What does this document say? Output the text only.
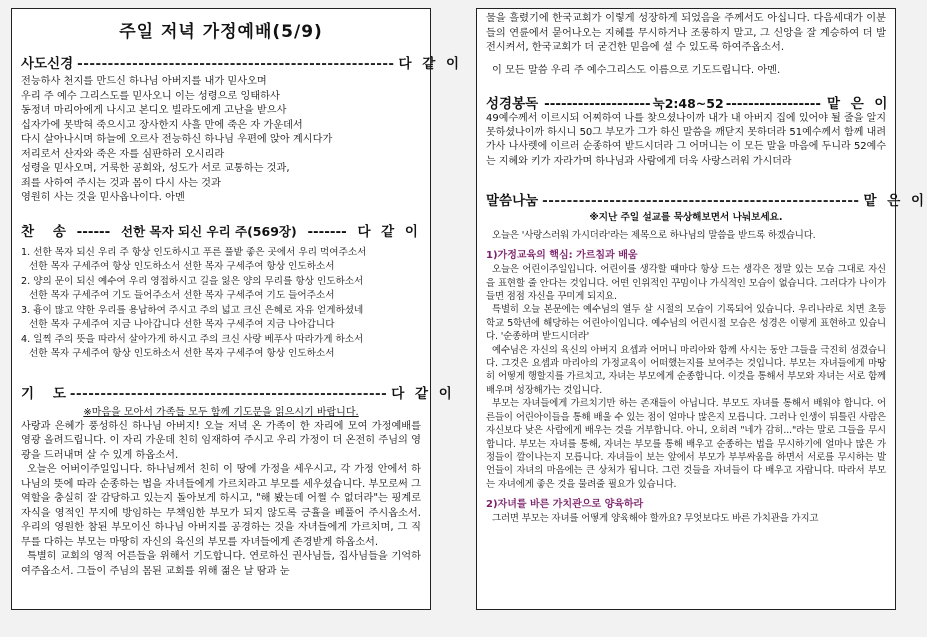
주일 저녁 가정예배(5/9)
사도신경 ---------------------------------------------------- 다 같 이
전능하사 천지를 만드신 하나님 아버지를 내가 믿사오며
우리 주 예수 그리스도를 믿사오니 이는 성령으로 잉태하사
동정녀 마리아에게 나시고 본디오 빌라도에게 고난을 받으사
십자가에 못박혀 죽으시고 장사한지 사흘 만에 죽은 자 가운데서
다시 살아나시며 하늘에 오르사 전능하신 하나님 우편에 앉아 계시다가
저리로서 산자와 죽은 자를 심판하러 오시리라
성령을 믿사오며, 거룩한 공회와, 성도가 서로 교통하는 것과,
죄를 사하여 주시는 것과 몸이 다시 사는 것과
영원히 사는 것을 믿사옵나이다. 아멘
찬    송 ------ 선한 목자 되신 우리 주(569장) ------- 다 같 이
1. 선한 목자 되신 우리 주 항상 인도하시고 푸른 풀밭 좋은 곳에서 우리 먹여주소서
선한 목자 구세주여 항상 인도하소서 선한 목자 구세주여 항상 인도하소서
2. 양의 문이 되신 예수여 우리 영접하시고 길을 잃은 양의 무리를 항상 인도하소서
선한 목자 구세주여 기도 들어주소서 선한 목자 구세주여 기도 들어주소서
3. 흉이 많고 약한 우리를 용납하여 주시고 주의 넓고 크신 은혜로 자유 얻게하셨네
선한 목자 구세주여 지금 나아갑니다 선한 목자 구세주여 지금 나아갑니다
4. 일찍 주의 뜻을 따라서 살아가게 하시고 주의 크신 사랑 베푸사 따라가게 하소서
선한 목자 구세주여 항상 인도하소서 선한 목자 구세주여 항상 인도하소서
기    도 ---------------------------------------------------- 다 같 이
※마음을 모아서 가족들 모두 함께 기도문을 읽으시기 바랍니다.

사랑과 은혜가 풍성하신 하나님 아버지! 오늘 저녁 온 가족이 한 자리에 모여 가정예배를 영광 올려드립니다. 이 자리 가운데 친히 임재하여 주시고 우리 가정이 더 온전히 주님의 영광을 드러내며 살 수 있게 하옵소서.

오늘은 어버이주일입니다. 하나님께서 친히 이 땅에 가정을 세우시고, 각 가정 안에서 하나님의 뜻에 따라 순종하는 법을 자녀들에게 가르치라고 부모를 세우셨습니다. 부모로써 그 역할을 충실히 잘 감당하고 있는지 돌아보게 하시고, "해 봤는데 어쩔 수 없더라"는 핑계로 자식을 영적인 무지에 방임하는 무책임한 부모가 되지 않도록 긍휼을 베풀어 주시옵소서. 우리의 영원한 참된 부모이신 하나님 아버지를 공경하는 것을 자녀들에게 가르치며, 그 직무를 다하는 부모는 마땅히 자신의 육신의 부모를 자녀들에게 존경받게 하옵소서.

특별히 교회의 영적 어른들을 위해서 기도합니다. 연로하신 권사님들, 집사님들을 기억하여주옵소서. 그들이 주님의 몸된 교회를 위해 젊은 날 땀과 눈

물을 흘렸기에 한국교회가 이렇게 성장하게 되었음을 주께서도 아십니다. 다음세대가 이분들의 연륜에서 묻어나오는 지혜를 무시하거나 조롱하지 말고, 그 신앙을 잘 계승하여 더 발전시켜서, 한국교회가 더 굳건한 믿음에 설 수 있도록 하여주옵소서.

이 모든 말씀 우리 주 예수그리스도 이름으로 기도드립니다. 아멘.

성경봉독 ------------------- 눅2:48~52 ----------------- 맡 은 이

49예수께서 이르시되 어찌하여 나를 찾으셨나이까 내가 내 아버지 집에 있어야 될 줄을 알지 못하셨나이까 하시니 50그 부모가 그가 하신 말씀을 깨닫지 못하더라 51예수께서 함께 내려가사 나사렛에 이르러 순종하여 받드시더라 그 어머니는 이 모든 말을 마음에 두니라 52예수는 지혜와 키가 자라가며 하나님과 사람에게 더욱 사랑스러워 가시더라

말씀나눔 ---------------------------------------------------- 맡 은 이
※지난 주일 설교를 묵상해보면서 나눠보세요.

오늘은 '사랑스러워 가시더라'라는 제목으로 하나님의 말씀을 받드록 하겠습니다.

1)가정교육의 핵심: 가르침과 배움

오늘은 어린이주일입니다. 어린이를 생각할 때마다 항상 드는 생각은 정말 있는 모습 그대로 자신을 표현할 줄 안다는 것입니다. 어떤 인위적인 꾸밈이나 가식적인 모습이 없습니다. 그러다가 나이가 들면 점점 자신을 꾸미게 되지요.

특별히 오늘 본문에는 예수님의 열두 살 시절의 모습이 기록되어 있습니다. 우리나라로 치면 초등학교 5학년에 해당하는 어린아이입니다. 예수님의 어린시절 모습은 성경은 이렇게 표현하고 있습니다. '순종하며 받드시더라'

예수님은 자신의 육신의 아버지 요셉과 어머니 마리아와 함께 사시는 동안 그들을 극진히 섬겼습니다. 그것은 요셉과 마리아의 가정교육이 어떠했는지를 보여주는 것입니다. 부모는 자녀들에게 마땅히 어떻게 행할지를 가르치고, 자녀는 부모에게 순종합니다. 이것을 통해서 부모와 자녀는 서로 함께 배우며 성장해가는 것입니다.

부모는 자녀들에게 가르치기만 하는 존재들이 아닙니다. 부모도 자녀를 통해서 배워야 합니다. 어른들이 어린아이들을 통해 배울 수 있는 점이 얼마나 많은지 모릅니다. 그러나 인생이 뒤틀린 사람은 자신보다 낮은 사람에게 배우는 것을 거부합니다. 아니, 오히려 "네가 감히..."라는 말로 그들을 무시합니다. 부모는 자녀를 통해, 자녀는 부모를 통해 배우고 순종하는 법을 무시하기에 얼마나 많은 가정들이 깔이나는지 모릅니다. 자녀들이 보는 앞에서 부모가 부부싸움을 하면서 서로를 무시하는 발언들이 자녀의 마음에는 큰 상처가 됩니다. 그런 것들을 자녀들이 다 배우고 자랍니다. 따라서 부모는 자녀에게 좋은 것을 물려줄 필요가 있습니다.

2)자녀를 바른 가치관으로 양육하라

그러면 부모는 자녀를 어떻게 양육해야 할까요? 무엇보다도 바른 가치관을 가지고
